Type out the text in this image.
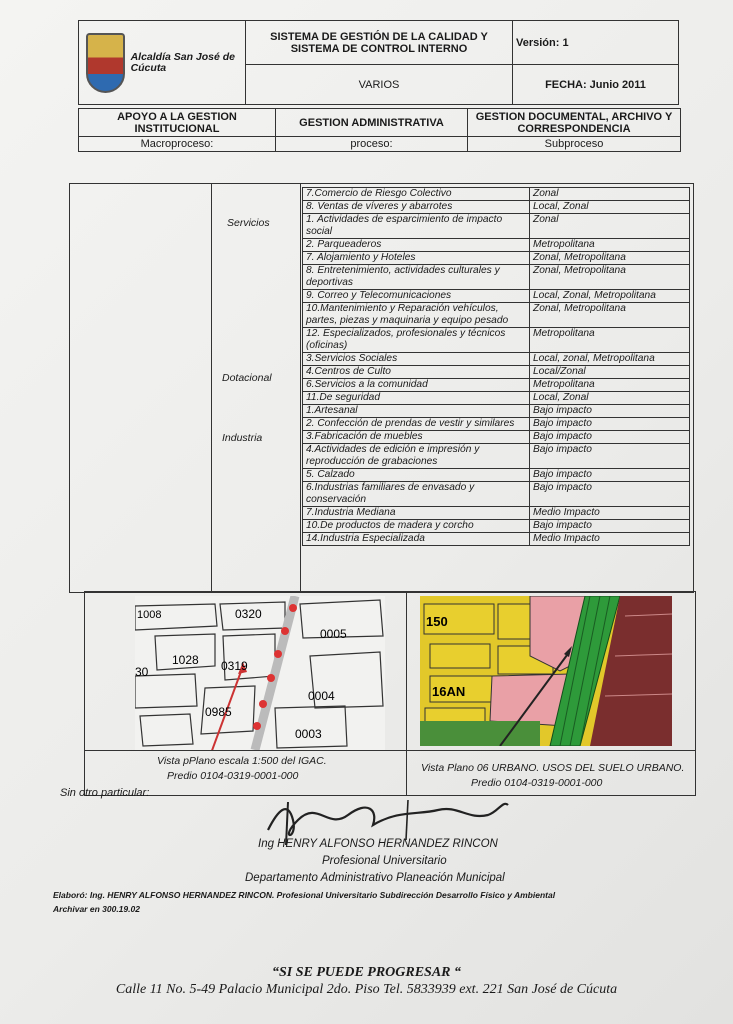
Alcaldía San José de Cúcuta	SISTEMA DE GESTIÓN DE LA CALIDAD Y
SISTEMA DE CONTROL INTERNO	Versión: 1
	VARIOS	FECHA: Junio 2011
APOYO A LA GESTION INSTITUCIONAL	GESTION ADMINISTRATIVA	GESTION DOCUMENTAL, ARCHIVO Y CORRESPONDENCIA
Macroproceso:	proceso:	Subproceso
Servicios
Dotacional
Industria
7.Comercio de Riesgo Colectivo	Zonal
8. Ventas de víveres y abarrotes	Local, Zonal
1. Actividades de esparcimiento de impacto social	Zonal
2. Parqueaderos	Metropolitana
7. Alojamiento y Hoteles	Zonal, Metropolitana
8. Entretenimiento, actividades culturales y deportivas	Zonal, Metropolitana
9. Correo y Telecomunicaciones	Local, Zonal, Metropolitana
10.Mantenimiento y Reparación vehículos, partes, piezas y maquinaria y equipo pesado	Zonal, Metropolitana
12. Especializados, profesionales y técnicos (oficinas)	Metropolitana
3.Servicios Sociales	Local, zonal, Metropolitana
4.Centros de Culto	Local/Zonal
6.Servicios a la comunidad	Metropolitana
11.De seguridad	Local, Zonal
1.Artesanal	Bajo impacto
2. Confección de prendas de vestir y similares	Bajo impacto
3.Fabricación de muebles	Bajo impacto
4.Actividades de edición e impresión y reproducción de grabaciones	Bajo impacto
5. Calzado	Bajo impacto
6.Industrias familiares de envasado y conservación	Bajo impacto
7.Industria Mediana	Medio Impacto
10.De productos de madera y corcho	Bajo impacto
14.Industria Especializada	Medio Impacto
1008	0320
0005
1028 0319
30
0004
0985
0003
150
16AN
Vista pPlano escala 1:500 del IGAC.
Predio 0104-0319-0001-000
Vista Plano 06 URBANO. USOS DEL SUELO URBANO.
Predio 0104-0319-0001-000
Sin otro particular:
Ing HENRY ALFONSO HERNANDEZ RINCON
Profesional Universitario
Departamento Administrativo Planeación Municipal
Elaboró: Ing. HENRY ALFONSO HERNANDEZ RINCON. Profesional Universitario Subdirección Desarrollo Físico y Ambiental
Archivar en 300.19.02
“SI SE PUEDE PROGRESAR “
Calle 11 No. 5-49 Palacio Municipal 2do. Piso Tel. 5833939 ext. 221 San José de Cúcuta
